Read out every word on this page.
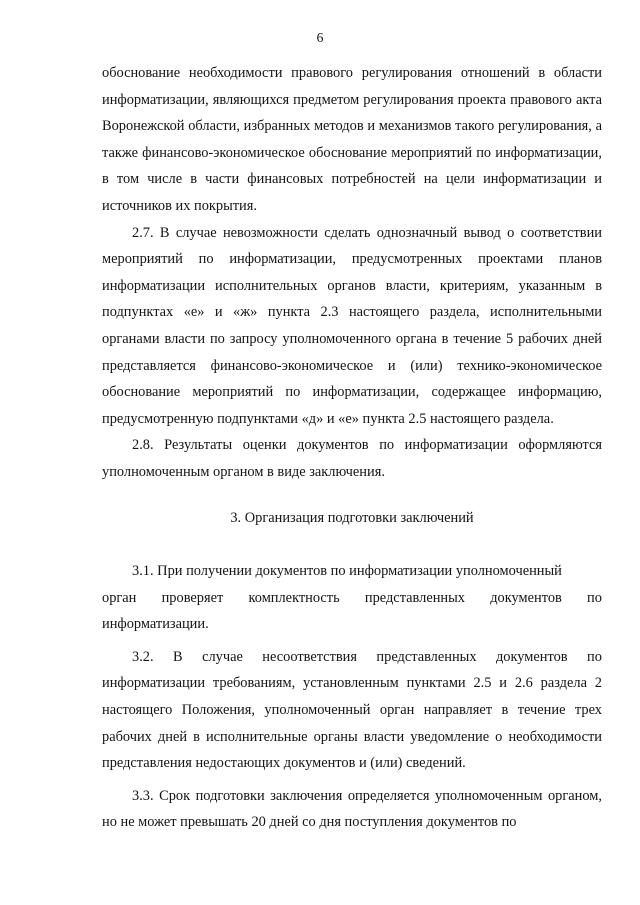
6

обоснование необходимости правового регулирования отношений в области информатизации, являющихся предметом регулирования проекта правового акта Воронежской области, избранных методов и механизмов такого регулирования, а также финансово-экономическое обоснование мероприятий по информатизации, в том числе в части финансовых потребностей на цели информатизации и источников их покрытия.

2.7. В случае невозможности сделать однозначный вывод о соответствии мероприятий по информатизации, предусмотренных проектами планов информатизации исполнительных органов власти, критериям, указанным в подпунктах «е» и «ж» пункта 2.3 настоящего раздела, исполнительными органами власти по запросу уполномоченного органа в течение 5 рабочих дней представляется финансово-экономическое и (или) технико-экономическое обоснование мероприятий по информатизации, содержащее информацию, предусмотренную подпунктами «д» и «е» пункта 2.5 настоящего раздела.

2.8. Результаты оценки документов по информатизации оформляются уполномоченным органом в виде заключения.

3. Организация подготовки заключений

3.1. При получении документов по информатизации уполномоченный

орган проверяет комплектность представленных документов по

информатизации.

3.2. В случае несоответствия представленных документов по

информатизации требованиям, установленным пунктами 2.5 и 2.6 раздела 2 настоящего Положения, уполномоченный орган направляет в течение трех рабочих дней в исполнительные органы власти уведомление о необходимости представления недостающих документов и (или) сведений.

3.3. Срок подготовки заключения определяется уполномоченным органом, но не может превышать 20 дней со дня поступления документов по
